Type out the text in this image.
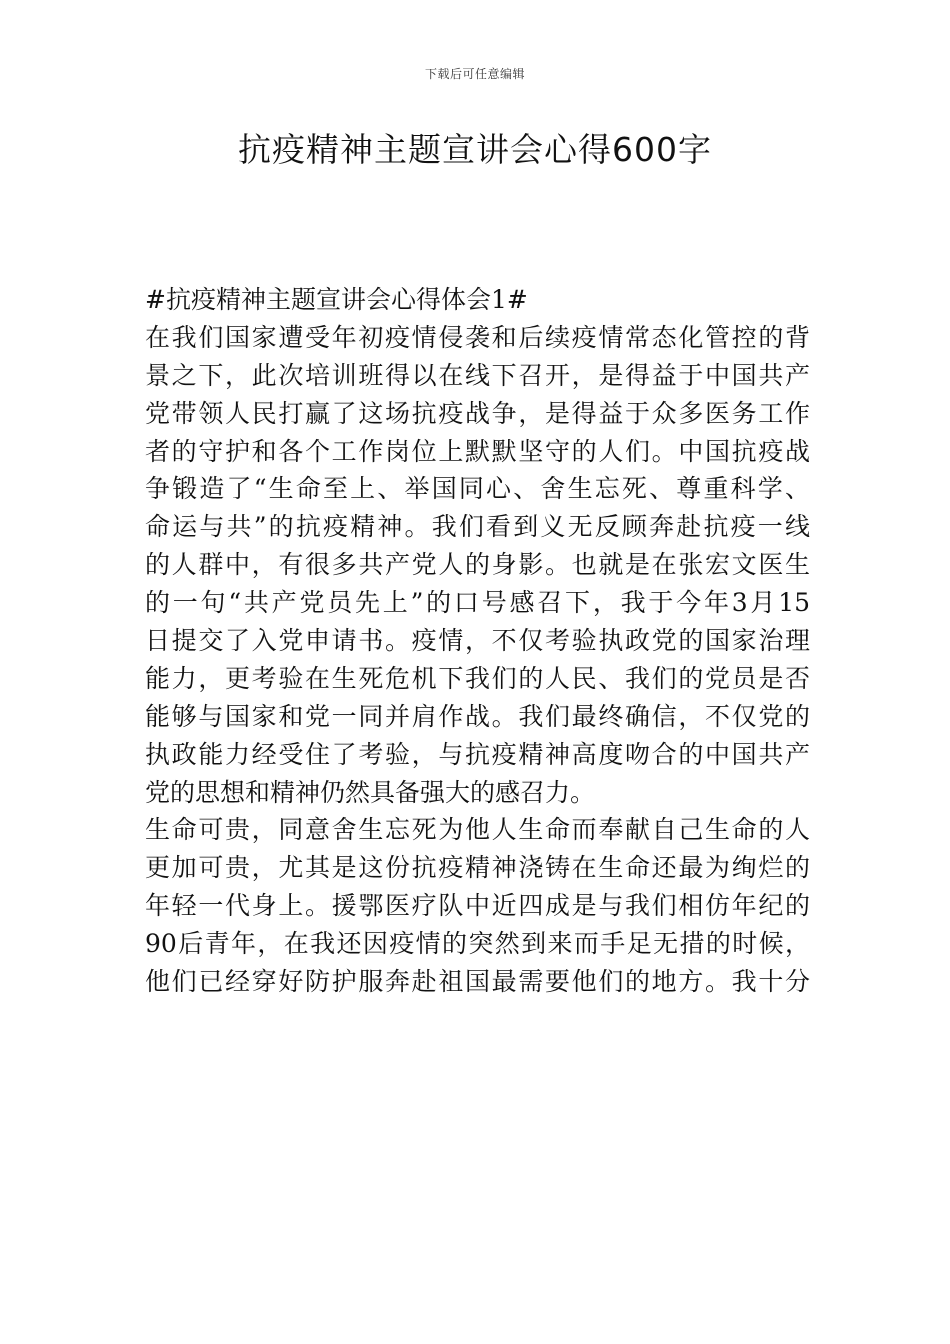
下载后可任意编辑
抗疫精神主题宣讲会心得600字
#抗疫精神主题宣讲会心得体会1#
在我们国家遭受年初疫情侵袭和后续疫情常态化管控的背
景之下，此次培训班得以在线下召开，是得益于中国共产
党带领人民打赢了这场抗疫战争，是得益于众多医务工作
者的守护和各个工作岗位上默默坚守的人们。中国抗疫战
争锻造了“生命至上、举国同心、舍生忘死、尊重科学、
命运与共”的抗疫精神。我们看到义无反顾奔赴抗疫一线
的人群中，有很多共产党人的身影。也就是在张宏文医生
的一句“共产党员先上”的口号感召下，我于今年3月15
日提交了入党申请书。疫情，不仅考验执政党的国家治理
能力，更考验在生死危机下我们的人民、我们的党员是否
能够与国家和党一同并肩作战。我们最终确信，不仅党的
执政能力经受住了考验，与抗疫精神高度吻合的中国共产
党的思想和精神仍然具备强大的感召力。
生命可贵，同意舍生忘死为他人生命而奉献自己生命的人
更加可贵，尤其是这份抗疫精神浇铸在生命还最为绚烂的
年轻一代身上。援鄂医疗队中近四成是与我们相仿年纪的
90后青年，在我还因疫情的突然到来而手足无措的时候，
他们已经穿好防护服奔赴祖国最需要他们的地方。我十分
